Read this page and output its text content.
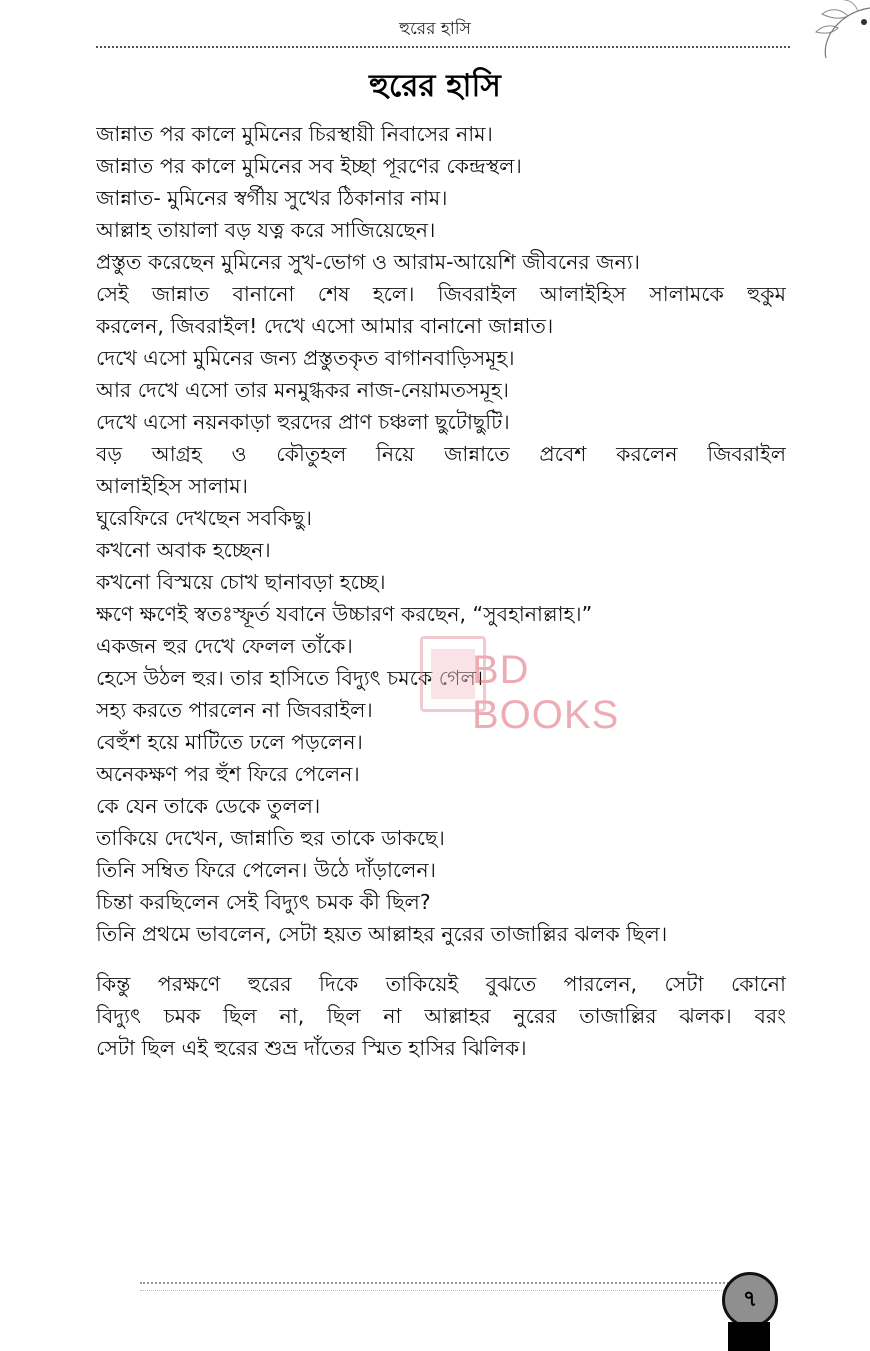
হুরের হাসি
হুরের হাসি
জান্নাত পর কালে মুমিনের চিরস্থায়ী নিবাসের নাম।
জান্নাত পর কালে মুমিনের সব ইচ্ছা পূরণের কেন্দ্রস্থল।
জান্নাত- মুমিনের স্বর্গীয় সুখের ঠিকানার নাম।
আল্লাহ তায়ালা বড় যত্ন করে সাজিয়েছেন।
প্রস্তুত করেছেন মুমিনের সুখ-ভোগ ও আরাম-আয়েশি জীবনের জন্য।
সেই জান্নাত বানানো শেষ হলে। জিবরাইল আলাইহিস সালামকে হুকুম
করলেন, জিবরাইল! দেখে এসো আমার বানানো জান্নাত।
দেখে এসো মুমিনের জন্য প্রস্তুতকৃত বাগানবাড়িসমূহ।
আর দেখে এসো তার মনমুগ্ধকর নাজ-নেয়ামতসমূহ।
দেখে এসো নয়নকাড়া হুরদের প্রাণ চঞ্চলা ছুটোছুটি।
বড় আগ্রহ ও কৌতুহল নিয়ে জান্নাতে প্রবেশ করলেন জিবরাইল
আলাইহিস সালাম।
ঘুরেফিরে দেখছেন সবকিছু।
কখনো অবাক হচ্ছেন।
কখনো বিস্ময়ে চোখ ছানাবড়া হচ্ছে।
ক্ষণে ক্ষণেই স্বতঃস্ফূর্ত যবানে উচ্চারণ করছেন, “সুবহানাল্লাহ।”
একজন হুর দেখে ফেলল তাঁকে।
হেসে উঠল হুর। তার হাসিতে বিদ্যুৎ চমকে গেল।
সহ্য করতে পারলেন না জিবরাইল।
বেহুঁশ হয়ে মাটিতে ঢলে পড়লেন।
অনেকক্ষণ পর হুঁশ ফিরে পেলেন।
কে যেন তাকে ডেকে তুলল।
তাকিয়ে দেখেন, জান্নাতি হুর তাকে ডাকছে।
তিনি সম্বিত ফিরে পেলেন। উঠে দাঁড়ালেন।
চিন্তা করছিলেন সেই বিদ্যুৎ চমক কী ছিল?
তিনি প্রথমে ভাবলেন, সেটা হয়ত আল্লাহর নুরের তাজাল্লির ঝলক ছিল।
কিন্তু পরক্ষণে হুরের দিকে তাকিয়েই বুঝতে পারলেন, সেটা কোনো
বিদ্যুৎ চমক ছিল না, ছিল না আল্লাহর নুরের তাজাল্লির ঝলক। বরং
সেটা ছিল এই হুরের শুভ্র দাঁতের স্মিত হাসির ঝিলিক।
BD BOOKS
৭
